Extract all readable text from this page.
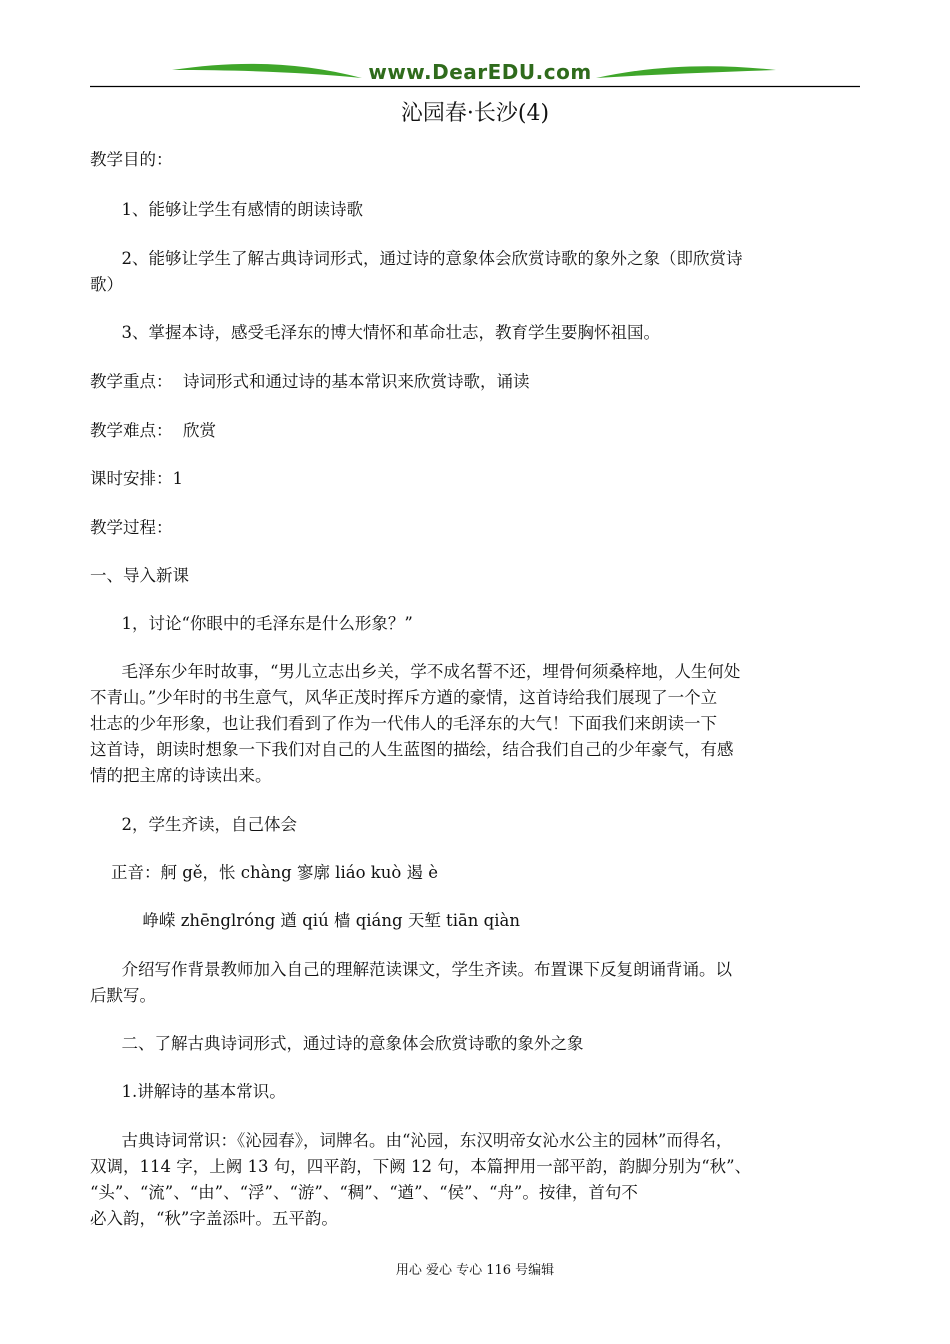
www.DearEDU.com
沁园春·长沙(4)
教学目的：
1、能够让学生有感情的朗读诗歌
2、能够让学生了解古典诗词形式，通过诗的意象体会欣赏诗歌的象外之象（即欣赏诗
歌）
3、掌握本诗，感受毛泽东的博大情怀和革命壮志，教育学生要胸怀祖国。
教学重点：  诗词形式和通过诗的基本常识来欣赏诗歌，诵读
教学难点：  欣赏
课时安排：1
教学过程：
一、导入新课
1，讨论“你眼中的毛泽东是什么形象？”
毛泽东少年时故事，“男儿立志出乡关，学不成名誓不还，埋骨何须桑梓地，人生何处
不青山。”少年时的书生意气，风华正茂时挥斥方遒的豪情，这首诗给我们展现了一个立
壮志的少年形象，也让我们看到了作为一代伟人的毛泽东的大气！下面我们来朗读一下
这首诗，朗读时想象一下我们对自己的人生蓝图的描绘，结合我们自己的少年豪气，有感
情的把主席的诗读出来。
2，学生齐读，自己体会
正音：舸 gě，怅 chàng 寥廓 liáo kuò 遏 è
峥嵘 zhēnglróng 遒 qiú 樯 qiáng 天堑 tiān qiàn
介绍写作背景教师加入自己的理解范读课文，学生齐读。布置课下反复朗诵背诵。以
后默写。
二、了解古典诗词形式，通过诗的意象体会欣赏诗歌的象外之象
1.讲解诗的基本常识。
古典诗词常识：《沁园春》，词牌名。由“沁园，东汉明帝女沁水公主的园林”而得名，
双调，114 字，上阙 13 句，四平韵，下阙 12 句，本篇押用一部平韵，韵脚分别为“秋”、
“头”、“流”、“由”、“浮”、“游”、“稠”、“遒”、“侯”、“舟”。按律，首句不
必入韵，“秋”字盖添叶。五平韵。
用心 爱心 专心 116 号编辑
